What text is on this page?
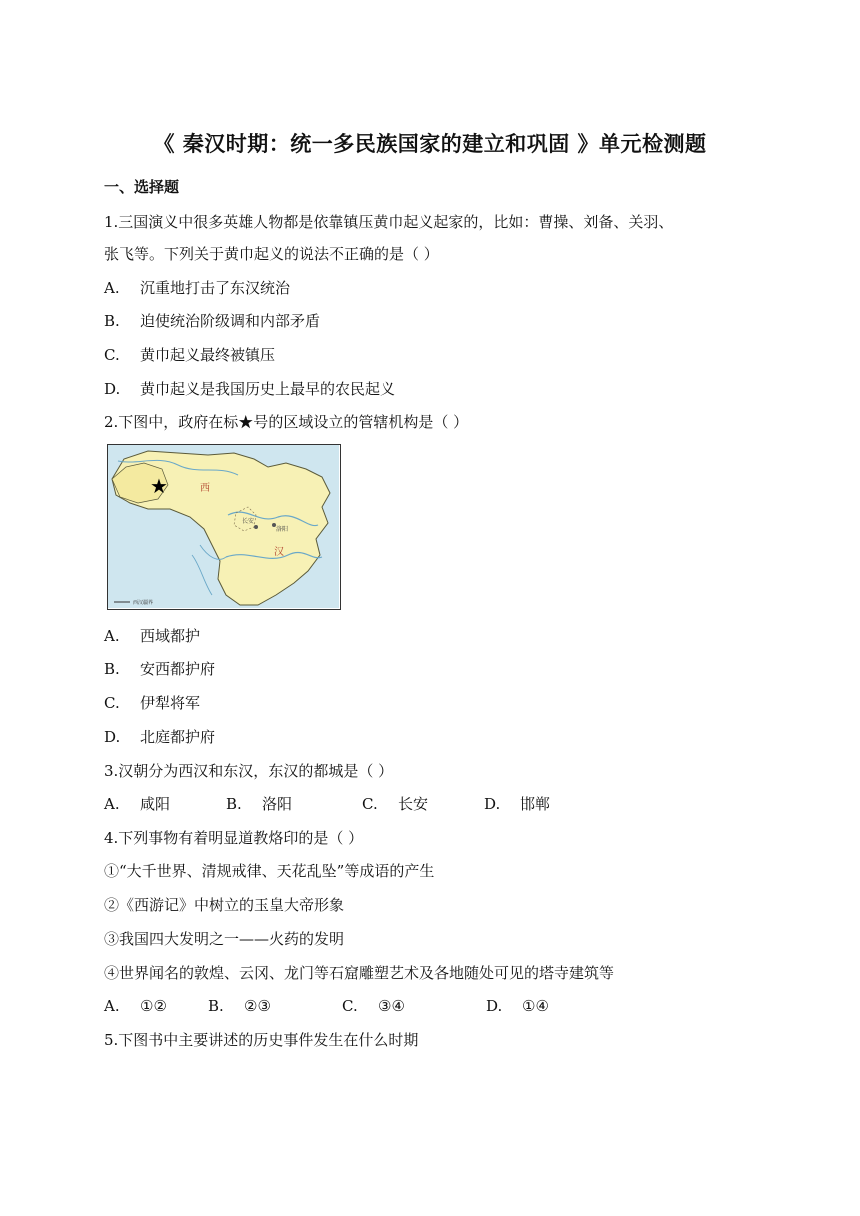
《 秦汉时期：统一多民族国家的建立和巩固 》单元检测题
一、选择题
1.三国演义中很多英雄人物都是依靠镇压黄巾起义起家的，比如：曹操、刘备、关羽、
张飞等。下列关于黄巾起义的说法不正确的是（ ）
A. 沉重地打击了东汉统治
B. 迫使统治阶级调和内部矛盾
C. 黄巾起义最终被镇压
D. 黄巾起义是我国历史上最早的农民起义
2.下图中，政府在标★号的区域设立的管辖机构是（ ）
长安
洛阳
西
汉
★
西汉疆界
A. 西域都护
B. 安西都护府
C. 伊犁将军
D. 北庭都护府
3.汉朝分为西汉和东汉，东汉的都城是（ ）
A. 咸阳	B. 洛阳	C. 长安	D. 邯郸
4.下列事物有着明显道教烙印的是（ ）
①“大千世界、清规戒律、天花乱坠”等成语的产生
②《西游记》中树立的玉皇大帝形象
③我国四大发明之一——火药的发明
④世界闻名的敦煌、云冈、龙门等石窟雕塑艺术及各地随处可见的塔寺建筑等
A. ①②	B. ②③	C. ③④	D. ①④
5.下图书中主要讲述的历史事件发生在什么时期
